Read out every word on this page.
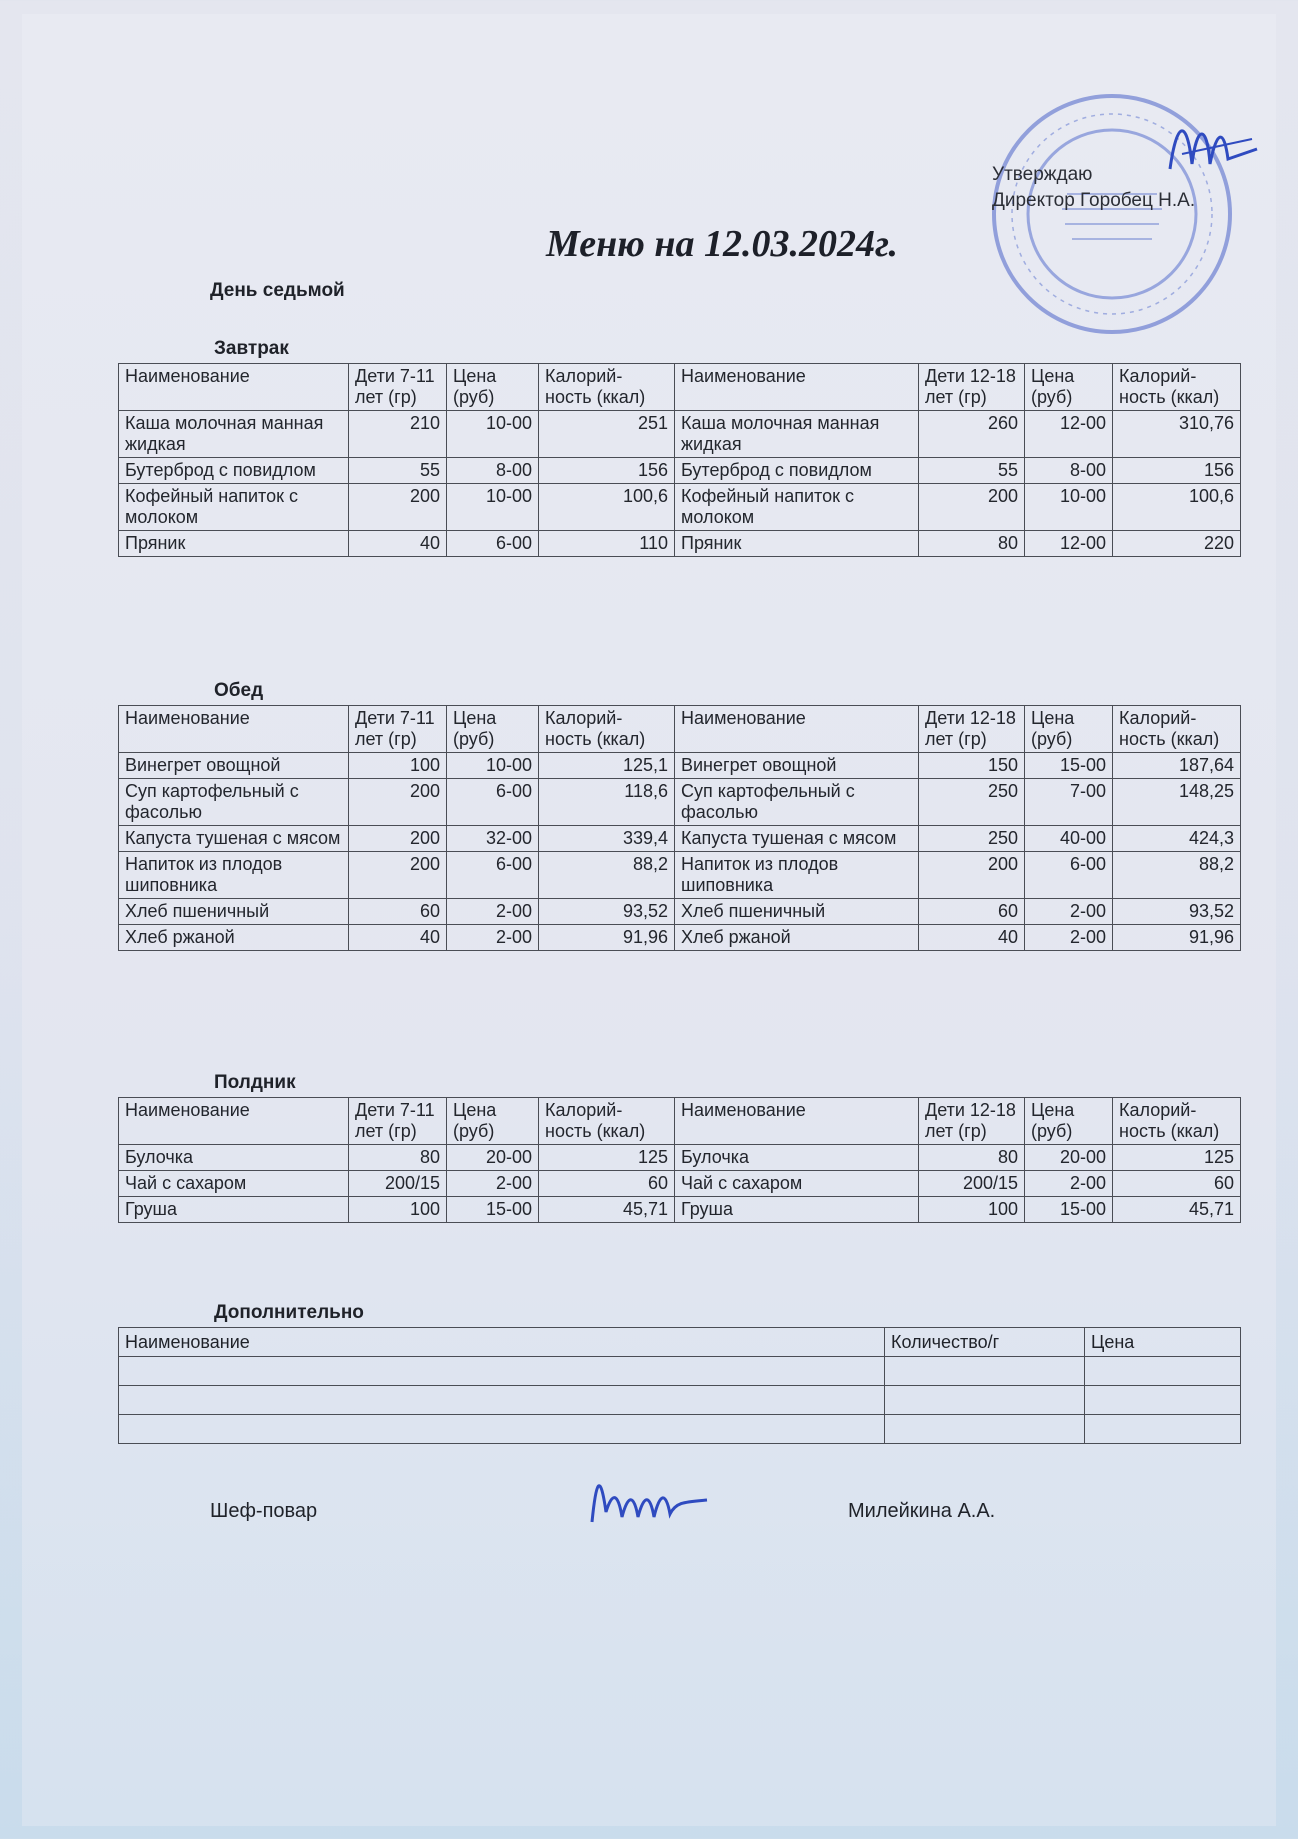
Утверждаю
Директор Горобец Н.А.
Меню на 12.03.2024г.
День седьмой
Завтрак
Наименование	Дети 7-11 лет (гр)	Цена (руб)	Калорий-ность (ккал)	Наименование	Дети 12-18 лет (гр)	Цена (руб)	Калорий-ность (ккал)
Каша молочная манная жидкая	210	10-00	251	Каша молочная манная жидкая	260	12-00	310,76
Бутерброд с повидлом	55	8-00	156	Бутерброд с повидлом	55	8-00	156
Кофейный напиток с молоком	200	10-00	100,6	Кофейный напиток с молоком	200	10-00	100,6
Пряник	40	6-00	110	Пряник	80	12-00	220
Обед
Наименование	Дети 7-11 лет (гр)	Цена (руб)	Калорий-ность (ккал)	Наименование	Дети 12-18 лет (гр)	Цена (руб)	Калорий-ность (ккал)
Винегрет овощной	100	10-00	125,1	Винегрет овощной	150	15-00	187,64
Суп картофельный с фасолью	200	6-00	118,6	Суп картофельный с фасолью	250	7-00	148,25
Капуста тушеная с мясом	200	32-00	339,4	Капуста тушеная с мясом	250	40-00	424,3
Напиток из плодов шиповника	200	6-00	88,2	Напиток из плодов шиповника	200	6-00	88,2
Хлеб пшеничный	60	2-00	93,52	Хлеб пшеничный	60	2-00	93,52
Хлеб ржаной	40	2-00	91,96	Хлеб ржаной	40	2-00	91,96
Полдник
Наименование	Дети 7-11 лет (гр)	Цена (руб)	Калорий-ность (ккал)	Наименование	Дети 12-18 лет (гр)	Цена (руб)	Калорий-ность (ккал)
Булочка	80	20-00	125	Булочка	80	20-00	125
Чай с сахаром	200/15	2-00	60	Чай с сахаром	200/15	2-00	60
Груша	100	15-00	45,71	Груша	100	15-00	45,71
Дополнительно
Наименование	Количество/г	Цена

Шеф-повар	Милейкина А.А.
